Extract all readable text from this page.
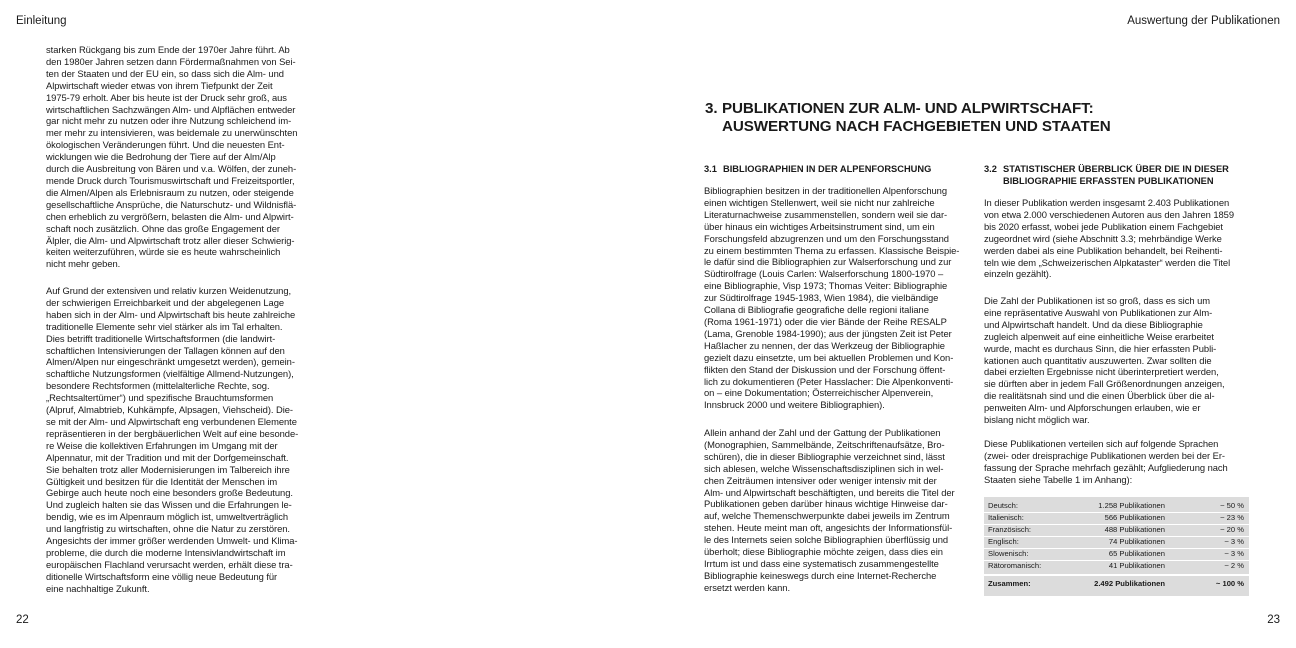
Einleitung
starken Rückgang bis zum Ende der 1970er Jahre führt. Ab
den 1980er Jahren setzen dann Fördermaßnahmen von Sei-
ten der Staaten und der EU ein, so dass sich die Alm- und
Alpwirtschaft wieder etwas von ihrem Tiefpunkt der Zeit
1975-79 erholt. Aber bis heute ist der Druck sehr groß, aus
wirtschaftlichen Sachzwängen Alm- und Alpflächen entweder
gar nicht mehr zu nutzen oder ihre Nutzung schleichend im-
mer mehr zu intensivieren, was beidemale zu unerwünschten
ökologischen Veränderungen führt. Und die neuesten Ent-
wicklungen wie die Bedrohung der Tiere auf der Alm/Alp
durch die Ausbreitung von Bären und v.a. Wölfen, der zuneh-
mende Druck durch Tourismuswirtschaft und Freizeitsportler,
die Almen/Alpen als Erlebnisraum zu nutzen, oder steigende
gesellschaftliche Ansprüche, die Naturschutz- und Wildnisflä-
chen erheblich zu vergrößern, belasten die Alm- und Alpwirt-
schaft noch zusätzlich. Ohne das große Engagement der
Älpler, die Alm- und Alpwirtschaft trotz aller dieser Schwierig-
keiten weiterzuführen, würde sie es heute wahrscheinlich
nicht mehr geben.
Auf Grund der extensiven und relativ kurzen Weidenutzung,
der schwierigen Erreichbarkeit und der abgelegenen Lage
haben sich in der Alm- und Alpwirtschaft bis heute zahlreiche
traditionelle Elemente sehr viel stärker als im Tal erhalten.
Dies betrifft traditionelle Wirtschaftsformen (die landwirt-
schaftlichen Intensivierungen der Tallagen können auf den
Almen/Alpen nur eingeschränkt umgesetzt werden), gemein-
schaftliche Nutzungsformen (vielfältige Allmend-Nutzungen),
besondere Rechtsformen (mittelalterliche Rechte, sog.
„Rechtsaltertümer“) und spezifische Brauchtumsformen
(Alpruf, Almabtrieb, Kuhkämpfe, Alpsagen, Viehscheid). Die-
se mit der Alm- und Alpwirtschaft eng verbundenen Elemente
repräsentieren in der bergbäuerlichen Welt auf eine besonde-
re Weise die kollektiven Erfahrungen im Umgang mit der
Alpennatur, mit der Tradition und mit der Dorfgemeinschaft.
Sie behalten trotz aller Modernisierungen im Talbereich ihre
Gültigkeit und besitzen für die Identität der Menschen im
Gebirge auch heute noch eine besonders große Bedeutung.
Und zugleich halten sie das Wissen und die Erfahrungen le-
bendig, wie es im Alpenraum möglich ist, umweltverträglich
und langfristig zu wirtschaften, ohne die Natur zu zerstören.
Angesichts der immer größer werdenden Umwelt- und Klima-
probleme, die durch die moderne Intensivlandwirtschaft im
europäischen Flachland verursacht werden, erhält diese tra-
ditionelle Wirtschaftsform eine völlig neue Bedeutung für
eine nachhaltige Zukunft.
22
Auswertung der Publikationen
3. PUBLIKATIONEN ZUR ALM- UND ALPWIRTSCHAFT:
AUSWERTUNG NACH FACHGEBIETEN UND STAATEN
3.1 BIBLIOGRAPHIEN IN DER ALPENFORSCHUNG
Bibliographien besitzen in der traditionellen Alpenforschung
einen wichtigen Stellenwert, weil sie nicht nur zahlreiche
Literaturnachweise zusammenstellen, sondern weil sie dar-
über hinaus ein wichtiges Arbeitsinstrument sind, um ein
Forschungsfeld abzugrenzen und um den Forschungsstand
zu einem bestimmten Thema zu erfassen. Klassische Beispie-
le dafür sind die Bibliographien zur Walserforschung und zur
Südtirolfrage (Louis Carlen: Walserforschung 1800-1970 –
eine Bibliographie, Visp 1973; Thomas Veiter: Bibliographie
zur Südtirolfrage 1945-1983, Wien 1984), die vielbändige
Collana di Bibliografie geografiche delle regioni italiane
(Roma 1961-1971) oder die vier Bände der Reihe RESALP
(Lama, Grenoble 1984-1990); aus der jüngsten Zeit ist Peter
Haßlacher zu nennen, der das Werkzeug der Bibliographie
gezielt dazu einsetzte, um bei aktuellen Problemen und Kon-
flikten den Stand der Diskussion und der Forschung öffent-
lich zu dokumentieren (Peter Hasslacher: Die Alpenkonventi-
on – eine Dokumentation; Österreichischer Alpenverein,
Innsbruck 2000 und weitere Bibliographien).
Allein anhand der Zahl und der Gattung der Publikationen
(Monographien, Sammelbände, Zeitschriftenaufsätze, Bro-
schüren), die in dieser Bibliographie verzeichnet sind, lässt
sich ablesen, welche Wissenschaftsdisziplinen sich in wel-
chen Zeiträumen intensiver oder weniger intensiv mit der
Alm- und Alpwirtschaft beschäftigten, und bereits die Titel der
Publikationen geben darüber hinaus wichtige Hinweise dar-
auf, welche Themenschwerpunkte dabei jeweils im Zentrum
stehen. Heute meint man oft, angesichts der Informationsfül-
le des Internets seien solche Bibliographien überflüssig und
überholt; diese Bibliographie möchte zeigen, dass dies ein
Irrtum ist und dass eine systematisch zusammengestellte
Bibliographie keineswegs durch eine Internet-Recherche
ersetzt werden kann.
3.2 STATISTISCHER ÜBERBLICK ÜBER DIE IN DIESER
BIBLIOGRAPHIE ERFASSTEN PUBLIKATIONEN
In dieser Publikation werden insgesamt 2.403 Publikationen
von etwa 2.000 verschiedenen Autoren aus den Jahren 1859
bis 2020 erfasst, wobei jede Publikation einem Fachgebiet
zugeordnet wird (siehe Abschnitt 3.3; mehrbändige Werke
werden dabei als eine Publikation behandelt, bei Reihenti-
teln wie dem „Schweizerischen Alpkataster“ werden die Titel
einzeln gezählt).
Die Zahl der Publikationen ist so groß, dass es sich um
eine repräsentative Auswahl von Publikationen zur Alm-
und Alpwirtschaft handelt. Und da diese Bibliographie
zugleich alpenweit auf eine einheitliche Weise erarbeitet
wurde, macht es durchaus Sinn, die hier erfassten Publi-
kationen auch quantitativ auszuwerten. Zwar sollten die
dabei erzielten Ergebnisse nicht überinterpretiert werden,
sie dürften aber in jedem Fall Größenordnungen anzeigen,
die realitätsnah sind und die einen Überblick über die al-
penweiten Alm- und Alpforschungen erlauben, wie er
bislang nicht möglich war.
Diese Publikationen verteilen sich auf folgende Sprachen
(zwei- oder dreisprachige Publikationen werden bei der Er-
fassung der Sprache mehrfach gezählt; Aufgliederung nach
Staaten siehe Tabelle 1 im Anhang):
Deutsch:	1.258 Publikationen	~ 50 %
Italienisch:	566 Publikationen	~ 23 %
Französisch:	488 Publikationen	~ 20 %
Englisch:	74 Publikationen	~ 3 %
Slowenisch:	65 Publikationen	~ 3 %
Rätoromanisch:	41 Publikationen	~ 2 %
Zusammen:	2.492 Publikationen	~ 100 %
23
